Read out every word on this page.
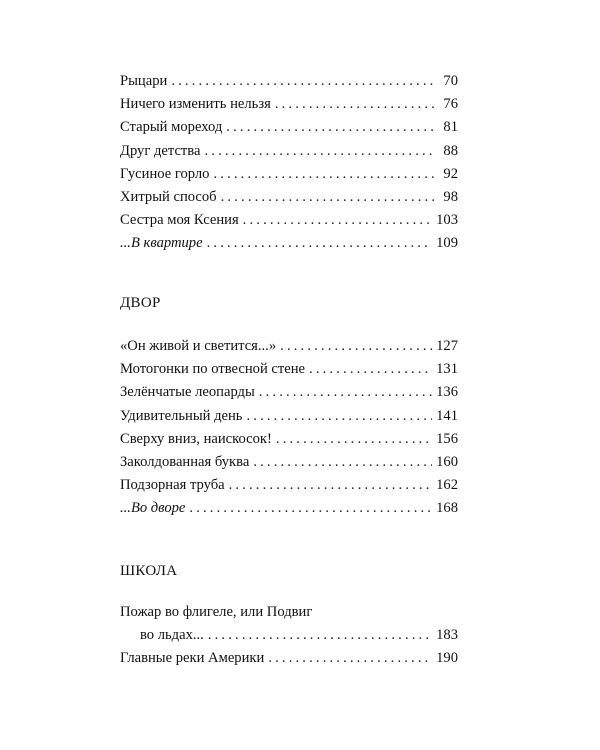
Рыцари . . .	70
Ничего изменить нельзя . . .	76
Старый мореход . . .	81
Друг детства . . .	88
Гусиное горло . . .	92
Хитрый способ . . .	98
Сестра моя Ксения . . .	103
...В квартире . . .	109
ДВОР
«Он живой и светится...» . . .	127
Мотогонки по отвесной стене . . .	131
Зелёнчатые леопарды . . .	136
Удивительный день . . .	141
Сверху вниз, наискосок! . . .	156
Заколдованная буква . . .	160
Подзорная труба . . .	162
...Во дворе . . .	168
ШКОЛА
Пожар во флигеле, или Подвиг
во льдах... . . .	183
Главные реки Америки . . .	190
